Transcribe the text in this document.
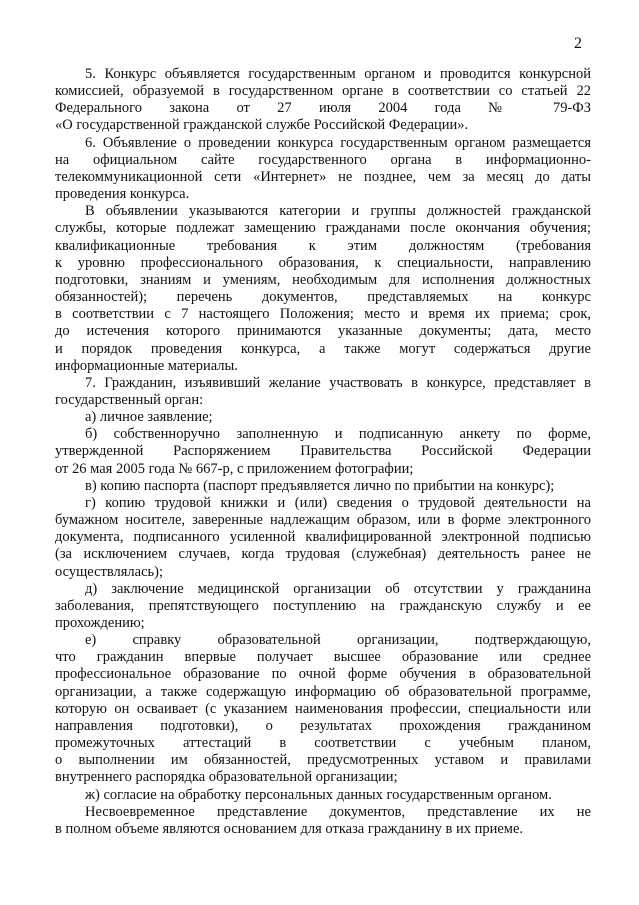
2

5. Конкурс объявляется государственным органом и проводится конкурсной

комиссией, образуемой в государственном органе в соответствии со статьей 22

Федерального закона от 27 июля 2004 года № 79-ФЗ

«О государственной гражданской службе Российской Федерации».

6. Объявление о проведении конкурса государственным органом размещается

на официальном сайте государственного органа в информационно-

телекоммуникационной сети «Интернет» не позднее, чем за месяц до даты

проведения конкурса.

В объявлении указываются категории и группы должностей гражданской

службы, которые подлежат замещению гражданами после окончания обучения;

квалификационные требования к этим должностям (требования

к уровню профессионального образования, к специальности, направлению

подготовки, знаниям и умениям, необходимым для исполнения должностных

обязанностей); перечень документов, представляемых на конкурс

в соответствии с 7 настоящего Положения; место и время их приема; срок,

до истечения которого принимаются указанные документы; дата, место

и порядок проведения конкурса, а также могут содержаться другие

информационные материалы.

7. Гражданин, изъявивший желание участвовать в конкурсе, представляет в

государственный орган:

а) личное заявление;

б) собственноручно заполненную и подписанную анкету по форме,

утвержденной Распоряжением Правительства Российской Федерации

от 26 мая 2005 года № 667-р, с приложением фотографии;

в) копию паспорта (паспорт предъявляется лично по прибытии на конкурс);

г) копию трудовой книжки и (или) сведения о трудовой деятельности на

бумажном носителе, заверенные надлежащим образом, или в форме электронного

документа, подписанного усиленной квалифицированной электронной подписью

(за исключением случаев, когда трудовая (служебная) деятельность ранее не

осуществлялась);

д) заключение медицинской организации об отсутствии у гражданина

заболевания, препятствующего поступлению на гражданскую службу и ее

прохождению;

е) справку образовательной организации, подтверждающую,

что гражданин впервые получает высшее образование или среднее

профессиональное образование по очной форме обучения в образовательной

организации, а также содержащую информацию об образовательной программе,

которую он осваивает (с указанием наименования профессии, специальности или

направления подготовки), о результатах прохождения гражданином

промежуточных аттестаций в соответствии с учебным планом,

о выполнении им обязанностей, предусмотренных уставом и правилами

внутреннего распорядка образовательной организации;

ж) согласие на обработку персональных данных государственным органом.

Несвоевременное представление документов, представление их не

в полном объеме являются основанием для отказа гражданину в их приеме.
